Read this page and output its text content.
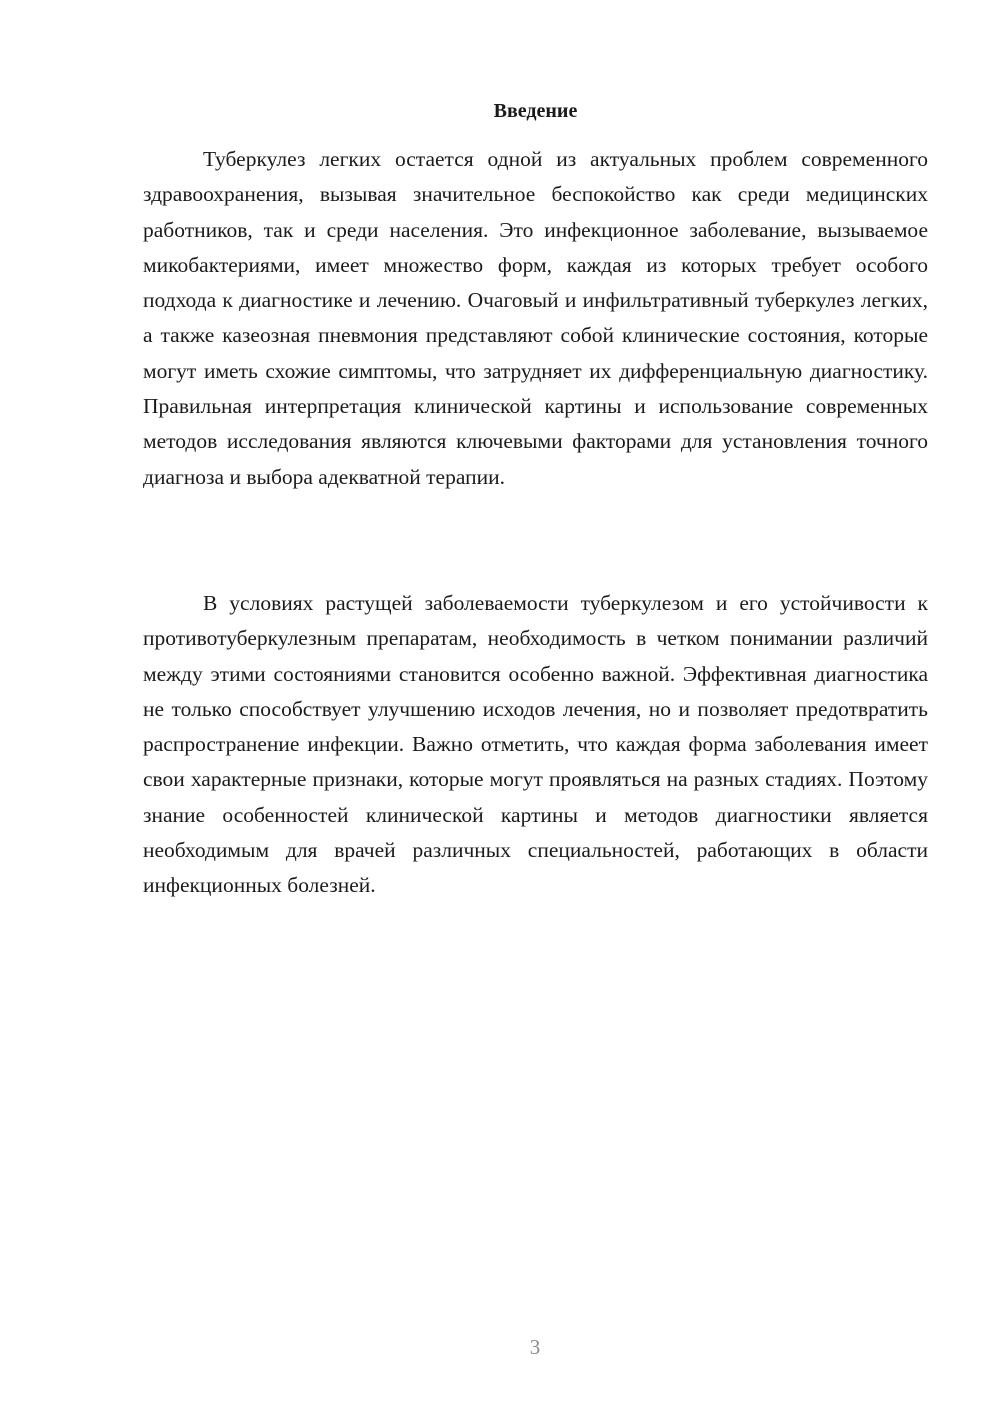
Введение

Туберкулез легких остается одной из актуальных проблем современного здравоохранения, вызывая значительное беспокойство как среди медицинских работников, так и среди населения. Это инфекционное заболевание, вызываемое микобактериями, имеет множество форм, каждая из которых требует особого подхода к диагностике и лечению. Очаговый и инфильтративный туберкулез легких, а также казеозная пневмония представляют собой клинические состояния, которые могут иметь схожие симптомы, что затрудняет их дифференциальную диагностику. Правильная интерпретация клинической картины и использование современных методов исследования являются ключевыми факторами для установления точного диагноза и выбора адекватной терапии.

В условиях растущей заболеваемости туберкулезом и его устойчивости к противотуберкулезным препаратам, необходимость в четком понимании различий между этими состояниями становится особенно важной. Эффективная диагностика не только способствует улучшению исходов лечения, но и позволяет предотвратить распространение инфекции. Важно отметить, что каждая форма заболевания имеет свои характерные признаки, которые могут проявляться на разных стадиях. Поэтому знание особенностей клинической картины и методов диагностики является необходимым для врачей различных специальностей, работающих в области инфекционных болезней.

3
